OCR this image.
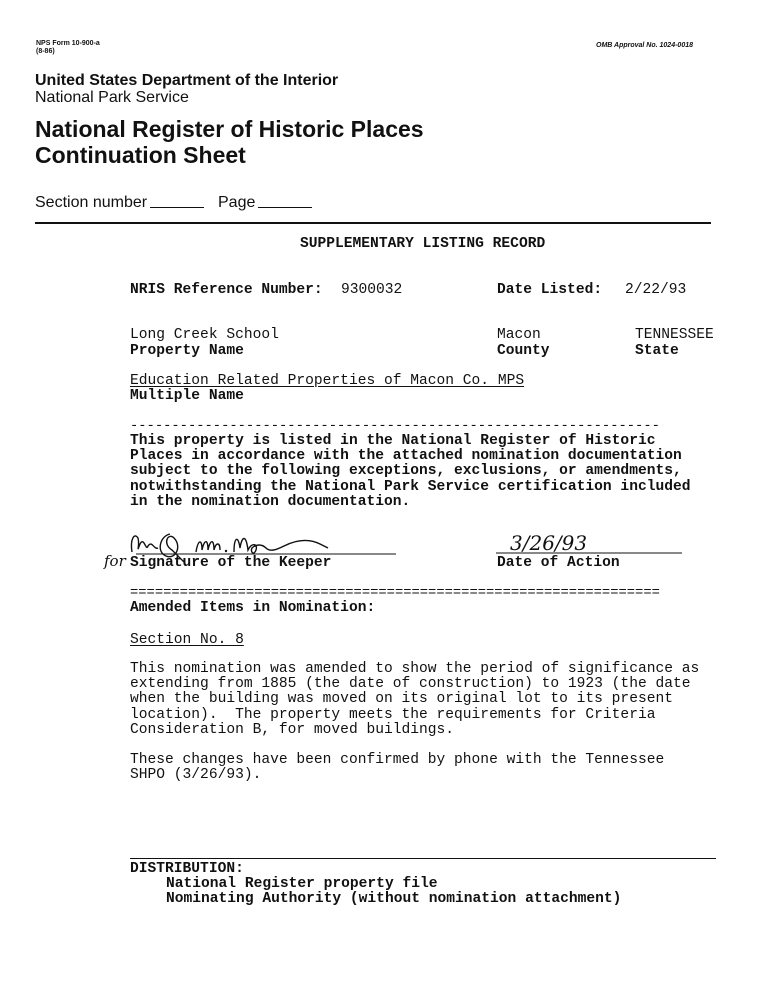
NPS Form 10-900-a
(8-86)
OMB Approval No. 1024-0018
United States Department of the Interior
National Park Service
National Register of Historic Places
Continuation Sheet
Section number	Page
SUPPLEMENTARY LISTING RECORD
NRIS Reference Number: 9300032	Date Listed: 2/22/93
Long Creek School
Property Name
Macon
County
TENNESSEE
State
Education Related Properties of Macon Co. MPS
Multiple Name
----------------------------------------------------------------
This property is listed in the National Register of Historic
Places in accordance with the attached nomination documentation
subject to the following exceptions, exclusions, or amendments,
notwithstanding the National Park Service certification included
in the nomination documentation.
for Signature of the Keeper
3/26/93
Date of Action
================================================================
Amended Items in Nomination:
Section No. 8
This nomination was amended to show the period of significance as
extending from 1885 (the date of construction) to 1923 (the date
when the building was moved on its original lot to its present
location).  The property meets the requirements for Criteria
Consideration B, for moved buildings.
These changes have been confirmed by phone with the Tennessee
SHPO (3/26/93).
DISTRIBUTION:
National Register property file
Nominating Authority (without nomination attachment)
